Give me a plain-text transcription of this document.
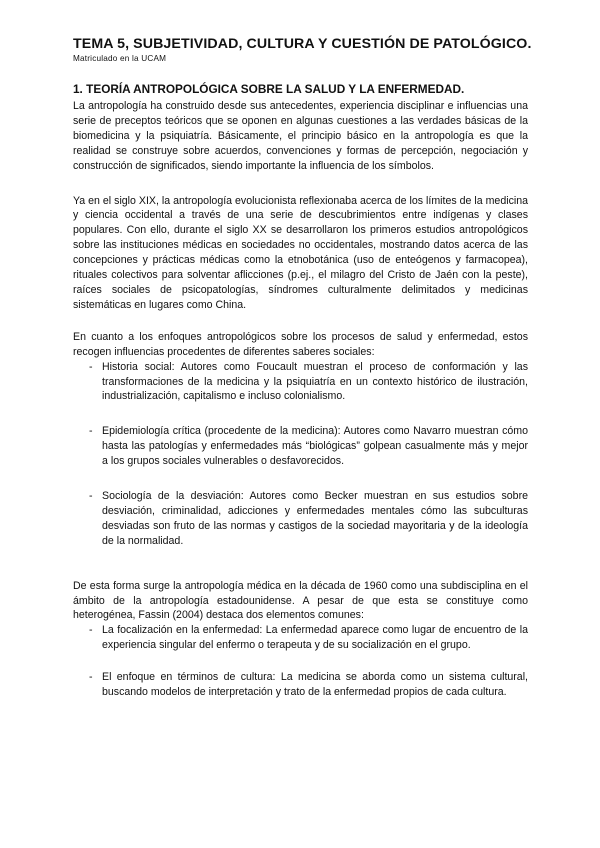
TEMA 5, SUBJETIVIDAD, CULTURA Y CUESTIÓN DE PATOLÓGICO.
Matriculado en la UCAM
1. TEORÍA ANTROPOLÓGICA SOBRE LA SALUD Y LA ENFERMEDAD.

La antropología ha construido desde sus antecedentes, experiencia disciplinar e influencias una serie de preceptos teóricos que se oponen en algunas cuestiones a las verdades básicas de la biomedicina y la psiquiatría. Básicamente, el principio básico en la antropología es que la realidad se construye sobre acuerdos, convenciones y formas de percepción, negociación y construcción de significados, siendo importante la influencia de los símbolos.

Ya en el siglo XIX, la antropología evolucionista reflexionaba acerca de los límites de la medicina y ciencia occidental a través de una serie de descubrimientos entre indígenas y clases populares. Con ello, durante el siglo XX se desarrollaron los primeros estudios antropológicos sobre las instituciones médicas en sociedades no occidentales, mostrando datos acerca de las concepciones y prácticas médicas como la etnobotánica (uso de enteógenos y farmacopea), rituales colectivos para solventar aflicciones (p.ej., el milagro del Cristo de Jaén con la peste), raíces sociales de psicopatologías, síndromes culturalmente delimitados y medicinas sistemáticas en lugares como China.

En cuanto a los enfoques antropológicos sobre los procesos de salud y enfermedad, estos recogen influencias procedentes de diferentes saberes sociales:

- Historia social: Autores como Foucault muestran el proceso de conformación y las transformaciones de la medicina y la psiquiatría en un contexto histórico de ilustración, industrialización, capitalismo e incluso colonialismo.

- Epidemiología crítica (procedente de la medicina): Autores como Navarro muestran cómo hasta las patologías y enfermedades más “biológicas” golpean casualmente más y mejor a los grupos sociales vulnerables o desfavorecidos.

- Sociología de la desviación: Autores como Becker muestran en sus estudios sobre desviación, criminalidad, adicciones y enfermedades mentales cómo las subculturas desviadas son fruto de las normas y castigos de la sociedad mayoritaria y de la ideología de la normalidad.

De esta forma surge la antropología médica en la década de 1960 como una subdisciplina en el ámbito de la antropología estadounidense. A pesar de que esta se constituye como heterogénea, Fassin (2004) destaca dos elementos comunes:

- La focalización en la enfermedad: La enfermedad aparece como lugar de encuentro de la experiencia singular del enfermo o terapeuta y de su socialización en el grupo.

- El enfoque en términos de cultura: La medicina se aborda como un sistema cultural, buscando modelos de interpretación y trato de la enfermedad propios de cada cultura.
